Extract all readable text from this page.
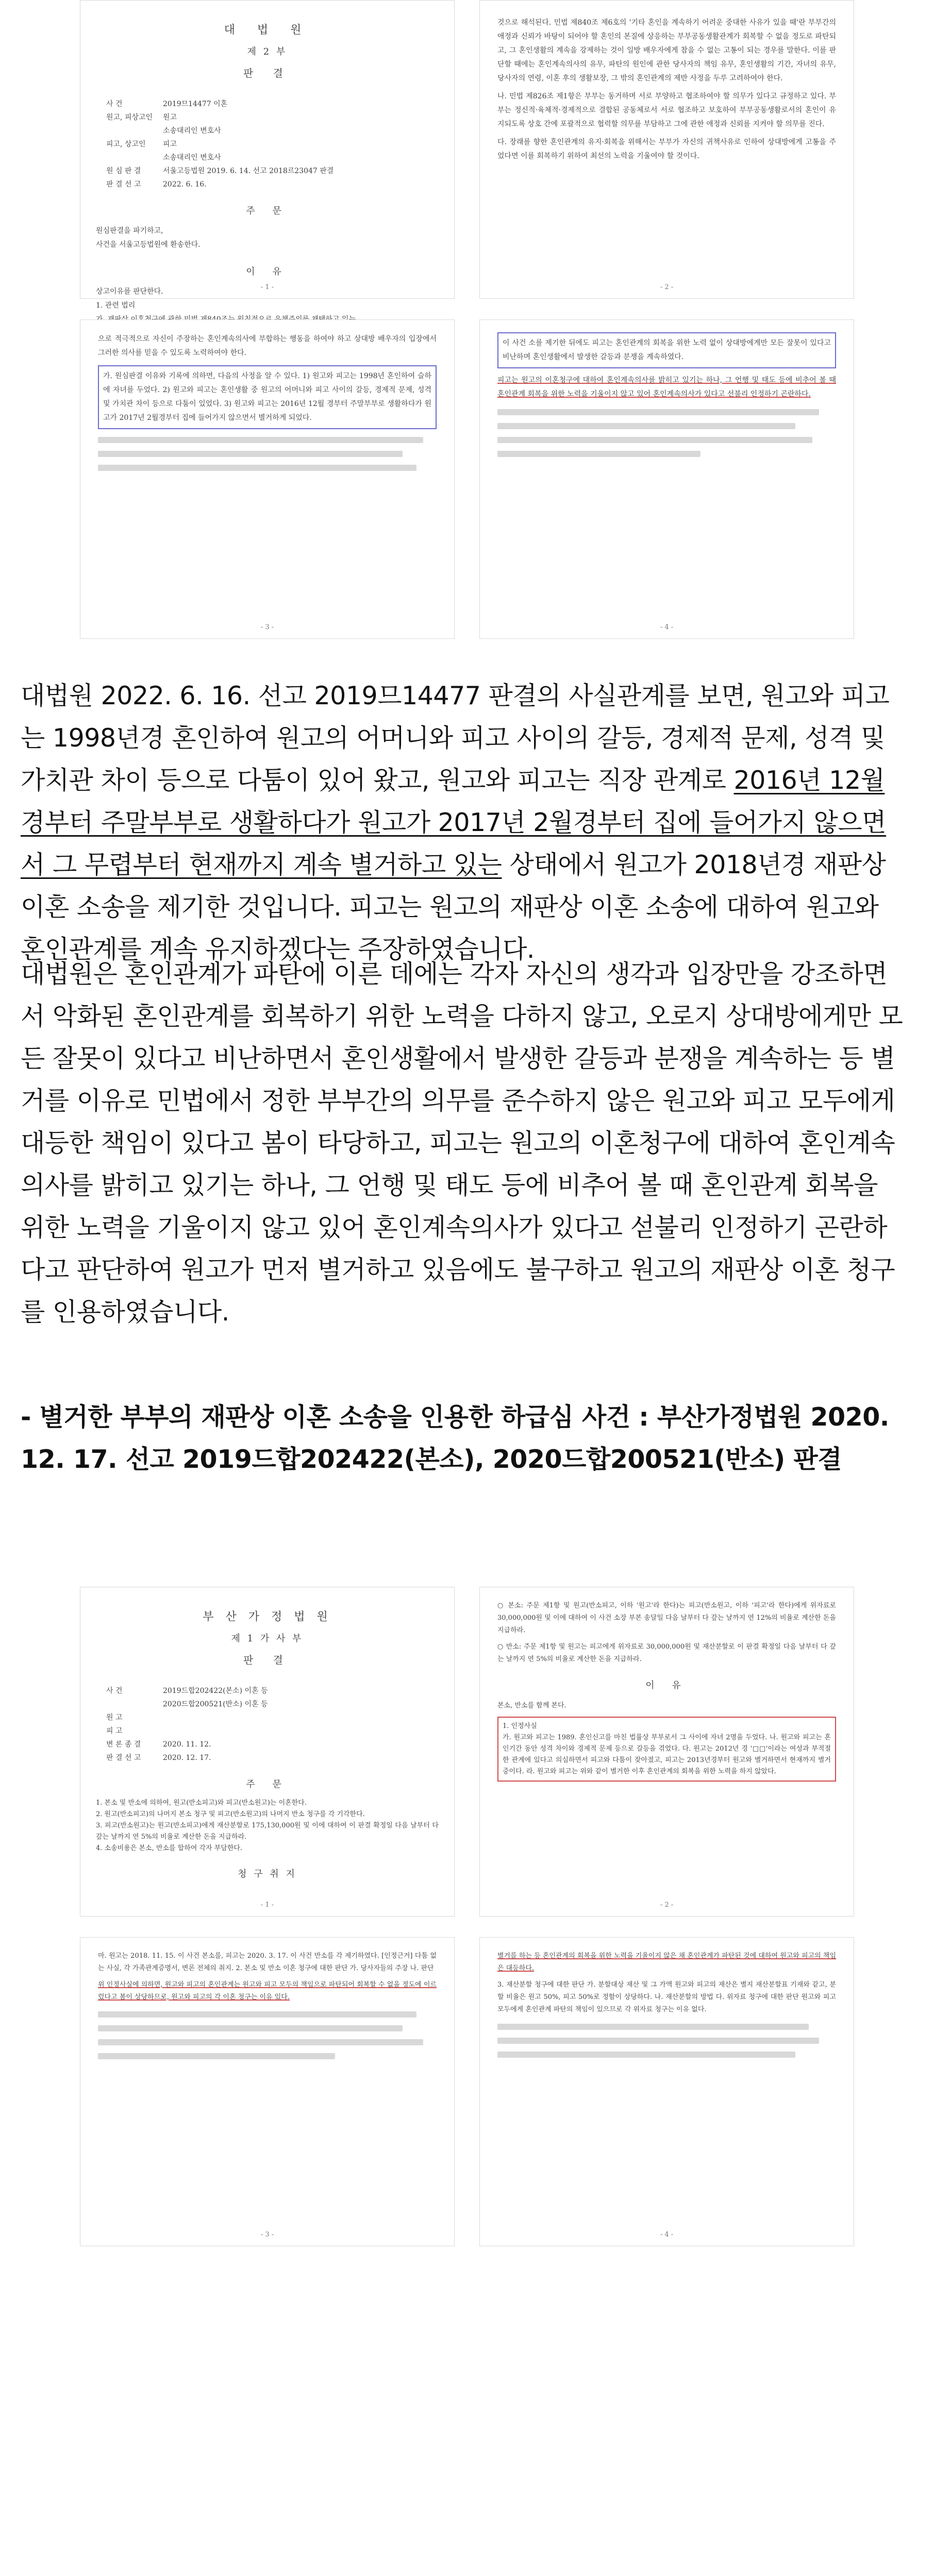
대 법 원
제 2 부
판 결
사 건	2019므14477 이혼
원고, 피상고인	원고
소송대리인 변호사
피고, 상고인	피고
소송대리인 변호사
원 심 판 결	서울고등법원 2019. 6. 14. 선고 2018르23047 판결
판 결 선 고	2022. 6. 16.
주 문
원심판결을 파기하고,
사건을 서울고등법원에 환송한다.
이 유
상고이유를 판단한다.
1. 관련 법리
- 1 -
것으로 해석된다. 민법 제840조 제6호의 '기타 혼인을 계속하기 어려운 중대한 사유가 있을 때'란 부부간의 애정과 신뢰가 바탕이 되어야 할 혼인의 본질에 상응하는 부부공동생활관계가 회복할 수 없을 정도로 파탄되고, 그 혼인생활의 계속을 강제하는 것이 일방 배우자에게 참을 수 없는 고통이 되는 경우를 말한다. 이를 판단할 때에는 혼인계속의사의 유무, 파탄의 원인에 관한 당사자의 책임 유무, 혼인생활의 기간, 자녀의 유무, 당사자의 연령, 이혼 후의 생활보장, 그 밖의 혼인관계의 제반 사정을 두루 고려하여야 한다.
나. 민법 제826조 제1항은 부부는 동거하며 서로 부양하고 협조하여야 할 의무가 있다고 규정하고 있다. 부부는 정신적·육체적·경제적으로 결합된 공동체로서 서로 협조하고 보호하여 부부공동생활로서의 혼인이 유지되도록 상호 간에 포괄적으로 협력할 의무를 부담하고 그에 관한 애정과 신뢰를 지켜야 할 의무를 진다.
다. 장래를 향한 혼인관계의 유지·회복을 위해서는 부부가 자신의 귀책사유로 인하여 상대방에게 고통을 주었다면 이를 회복하기 위하여 최선의 노력을 기울여야 할 것이다.
- 2 -
으로 적극적으로 자신이 주장하는 혼인계속의사에 부합하는 행동을 하여야 하고 상대방 배우자의 입장에서 그러한 의사를 믿을 수 있도록 노력하여야 한다.
가. 원심판결 이유와 기록에 의하면, 다음의 사정을 알 수 있다. 1) 원고와 피고는 1998년 혼인하여 슬하에 자녀를 두었다. 2) 원고와 피고는 혼인생활 중 원고의 어머니와 피고 사이의 갈등, 경제적 문제, 성격 및 가치관 차이 등으로 다툼이 있었다. 3) 원고와 피고는 2016년 12월 경부터 주말부부로 생활하다가 원고가 2017년 2월경부터 집에 들어가지 않으면서 별거하게 되었다.
- 3 -
이 사건 소를 제기한 뒤에도 피고는 혼인관계의 회복을 위한 노력 없이 상대방에게만 모든 잘못이 있다고 비난하며 혼인생활에서 발생한 갈등과 분쟁을 계속하였다.
피고는 원고의 이혼청구에 대하여 혼인계속의사를 밝히고 있기는 하나, 그 언행 및 태도 등에 비추어 볼 때 혼인관계 회복을 위한 노력을 기울이지 않고 있어 혼인계속의사가 있다고 선불리 인정하기 곤란하다.
- 4 -
대법원 2022. 6. 16. 선고 2019므14477 판결의 사실관계를 보면, 원고와 피고는 1998년경 혼인하여 원고의 어머니와 피고 사이의 갈등, 경제적 문제, 성격 및 가치관 차이 등으로 다툼이 있어 왔고, 원고와 피고는 직장 관계로 2016년 12월경부터 주말부부로 생활하다가 원고가 2017년 2월경부터 집에 들어가지 않으면서 그 무렵부터 현재까지 계속 별거하고 있는 상태에서 원고가 2018년경 재판상 이혼 소송을 제기한 것입니다. 피고는 원고의 재판상 이혼 소송에 대하여 원고와 혼인관계를 계속 유지하겠다는 주장하였습니다.
대법원은 혼인관계가 파탄에 이른 데에는 각자 자신의 생각과 입장만을 강조하면서 악화된 혼인관계를 회복하기 위한 노력을 다하지 않고, 오로지 상대방에게만 모든 잘못이 있다고 비난하면서 혼인생활에서 발생한 갈등과 분쟁을 계속하는 등 별거를 이유로 민법에서 정한 부부간의 의무를 준수하지 않은 원고와 피고 모두에게 대등한 책임이 있다고 봄이 타당하고, 피고는 원고의 이혼청구에 대하여 혼인계속의사를 밝히고 있기는 하나, 그 언행 및 태도 등에 비추어 볼 때 혼인관계 회복을 위한 노력을 기울이지 않고 있어 혼인계속의사가 있다고 섣불리 인정하기 곤란하다고 판단하여 원고가 먼저 별거하고 있음에도 불구하고 원고의 재판상 이혼 청구를 인용하였습니다.
- 별거한 부부의 재판상 이혼 소송을 인용한 하급심 사건 : 부산가정법원 2020. 12. 17. 선고 2019드합202422(본소), 2020드합200521(반소) 판결
부 산 가 정 법 원
제 1 가 사 부
판 결
사 건	2019드합202422(본소) 이혼 등
2020드합200521(반소) 이혼 등
원 고
피 고
변 론 종 결	2020. 11. 12.
판 결 선 고	2020. 12. 17.
주 문
1. 본소 및 반소에 의하여, 원고(반소피고)와 피고(반소원고)는 이혼한다.
2. 원고(반소피고)의 나머지 본소 청구 및 피고(반소원고)의 나머지 반소 청구를 각 기각한다.
3. 피고(반소원고)는 원고(반소피고)에게 재산분할로 175,130,000원 및 이에 대하여 이 판결 확정일 다음 날부터 다 갚는 날까지 연 5%의 비율로 계산한 돈을 지급하라.
4. 소송비용은 본소, 반소를 합하여 각자 부담한다.
청 구 취 지
- 1 -
○ 본소: 주문 제1항 및 원고(반소피고, 이하 '원고'라 한다)는 피고(반소원고, 이하 '피고'라 한다)에게 위자료로 30,000,000원 및 이에 대하여 이 사건 소장 부본 송달일 다음 날부터 다 갚는 날까지 연 12%의 비율로 계산한 돈을 지급하라.
○ 반소: 주문 제1항 및 원고는 피고에게 위자료로 30,000,000원 및 재산분할로 이 판결 확정일 다음 날부터 다 갚는 날까지 연 5%의 비율로 계산한 돈을 지급하라.
이 유
본소, 반소를 함께 본다.
1. 인정사실
가. 원고와 피고는 1989. 혼인신고를 마친 법률상 부부로서 그 사이에 자녀 2명을 두었다. 나. 원고와 피고는 혼인기간 동안 성격 차이와 경제적 문제 등으로 갈등을 겪었다. 다. 원고는 2012년 경 '□□'이라는 여성과 부적절한 관계에 있다고 의심하면서 피고와 다툼이 잦아졌고, 피고는 2013년경부터 원고와 별거하면서 현재까지 별거 중이다. 라. 원고와 피고는 위와 같이 별거한 이후 혼인관계의 회복을 위한 노력을 하지 않았다.
- 2 -
마. 원고는 2018. 11. 15. 이 사건 본소를, 피고는 2020. 3. 17. 이 사건 반소를 각 제기하였다. [인정근거] 다툼 없는 사실, 각 가족관계증명서, 변론 전체의 취지. 2. 본소 및 반소 이혼 청구에 대한 판단 가. 당사자들의 주장 나. 판단
위 인정사실에 의하면, 원고와 피고의 혼인관계는 원고와 피고 모두의 책임으로 파탄되어 회복할 수 없을 정도에 이르렀다고 봄이 상당하므로, 원고와 피고의 각 이혼 청구는 이유 있다.
- 3 -
별거를 하는 등 혼인관계의 회복을 위한 노력을 기울이지 않은 채 혼인관계가 파탄된 것에 대하여 원고와 피고의 책임은 대등하다.
3. 재산분할 청구에 대한 판단 가. 분할대상 재산 및 그 가액 원고와 피고의 재산은 별지 재산분할표 기재와 같고, 분할 비율은 원고 50%, 피고 50%로 정함이 상당하다. 나. 재산분할의 방법 다. 위자료 청구에 대한 판단 원고와 피고 모두에게 혼인관계 파탄의 책임이 있으므로 각 위자료 청구는 이유 없다.
- 4 -
